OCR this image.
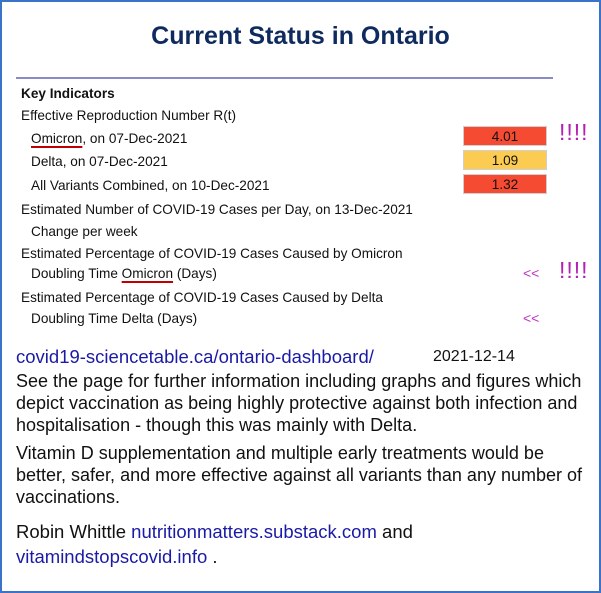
Current Status in Ontario
Key Indicators
Effective Reproduction Number R(t)
Omicron, on 07-Dec-2021	4.01	!!!!
Delta, on 07-Dec-2021	1.09
All Variants Combined, on 10-Dec-2021	1.32
Estimated Number of COVID-19 Cases per Day, on 13-Dec-2021
Change per week
Estimated Percentage of COVID-19 Cases Caused by Omicron
Doubling Time Omicron (Days)	<< !!!!
Estimated Percentage of COVID-19 Cases Caused by Delta
Doubling Time Delta (Days)	<<
covid19-sciencetable.ca/ontario-dashboard/	2021-12-14
See the page for further information including graphs and figures which depict vaccination as being highly protective against both infection and hospitalisation - though this was mainly with Delta.
Vitamin D supplementation and multiple early treatments would be better, safer, and more effective against all variants than any number of vaccinations.
Robin Whittle nutritionmatters.substack.com and
vitamindstopscovid.info .
